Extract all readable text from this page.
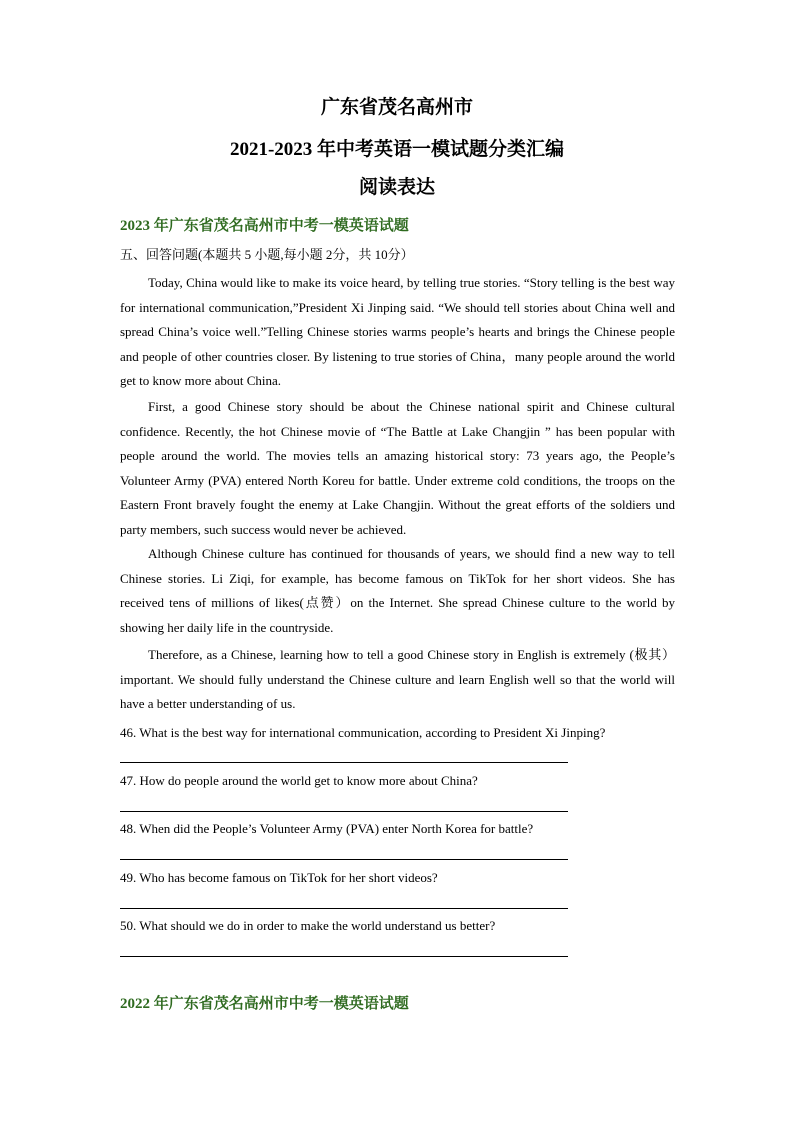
广东省茂名高州市
2021-2023 年中考英语一模试题分类汇编
阅读表达
2023 年广东省茂名高州市中考一模英语试题
五、回答问题(本题共 5 小题,每小题 2分，共 10分）

Today, China would like to make its voice heard, by telling true stories. “Story telling is the best way for international communication,”President Xi Jinping said. “We should tell stories about China well and spread China’s voice well.”Telling Chinese stories warms people’s hearts and brings the Chinese people and people of other countries closer. By listening to true stories of China，many people around the world get to know more about China.

First, a good Chinese story should be about the Chinese national spirit and Chinese cultural confidence. Recently, the hot Chinese movie of “The Battle at Lake Changjin ” has been popular with people around the world. The movies tells an amazing historical story: 73 years ago, the People’s Volunteer Army (PVA) entered North Koreu for battle. Under extreme cold conditions, the troops on the Eastern Front bravely fought the enemy at Lake Changjin. Without the great efforts of the soldiers und party members, such success would never be achieved.

Although Chinese culture has continued for thousands of years, we should find a new way to tell Chinese stories. Li Ziqi, for example, has become famous on TikTok for her short videos. She has received tens of millions of likes(点赞）on the Internet. She spread Chinese culture to the world by showing her daily life in the countryside.

Therefore, as a Chinese, learning how to tell a good Chinese story in English is extremely (极其）important. We should fully understand the Chinese culture and learn English well so that the world will have a better understanding of us.

46. What is the best way for international communication, according to President Xi Jinping?
47. How do people around the world get to know more about China?
48. When did the People’s Volunteer Army (PVA) enter North Korea for battle?
49. Who has become famous on TikTok for her short videos?
50. What should we do in order to make the world understand us better?
2022 年广东省茂名高州市中考一模英语试题
